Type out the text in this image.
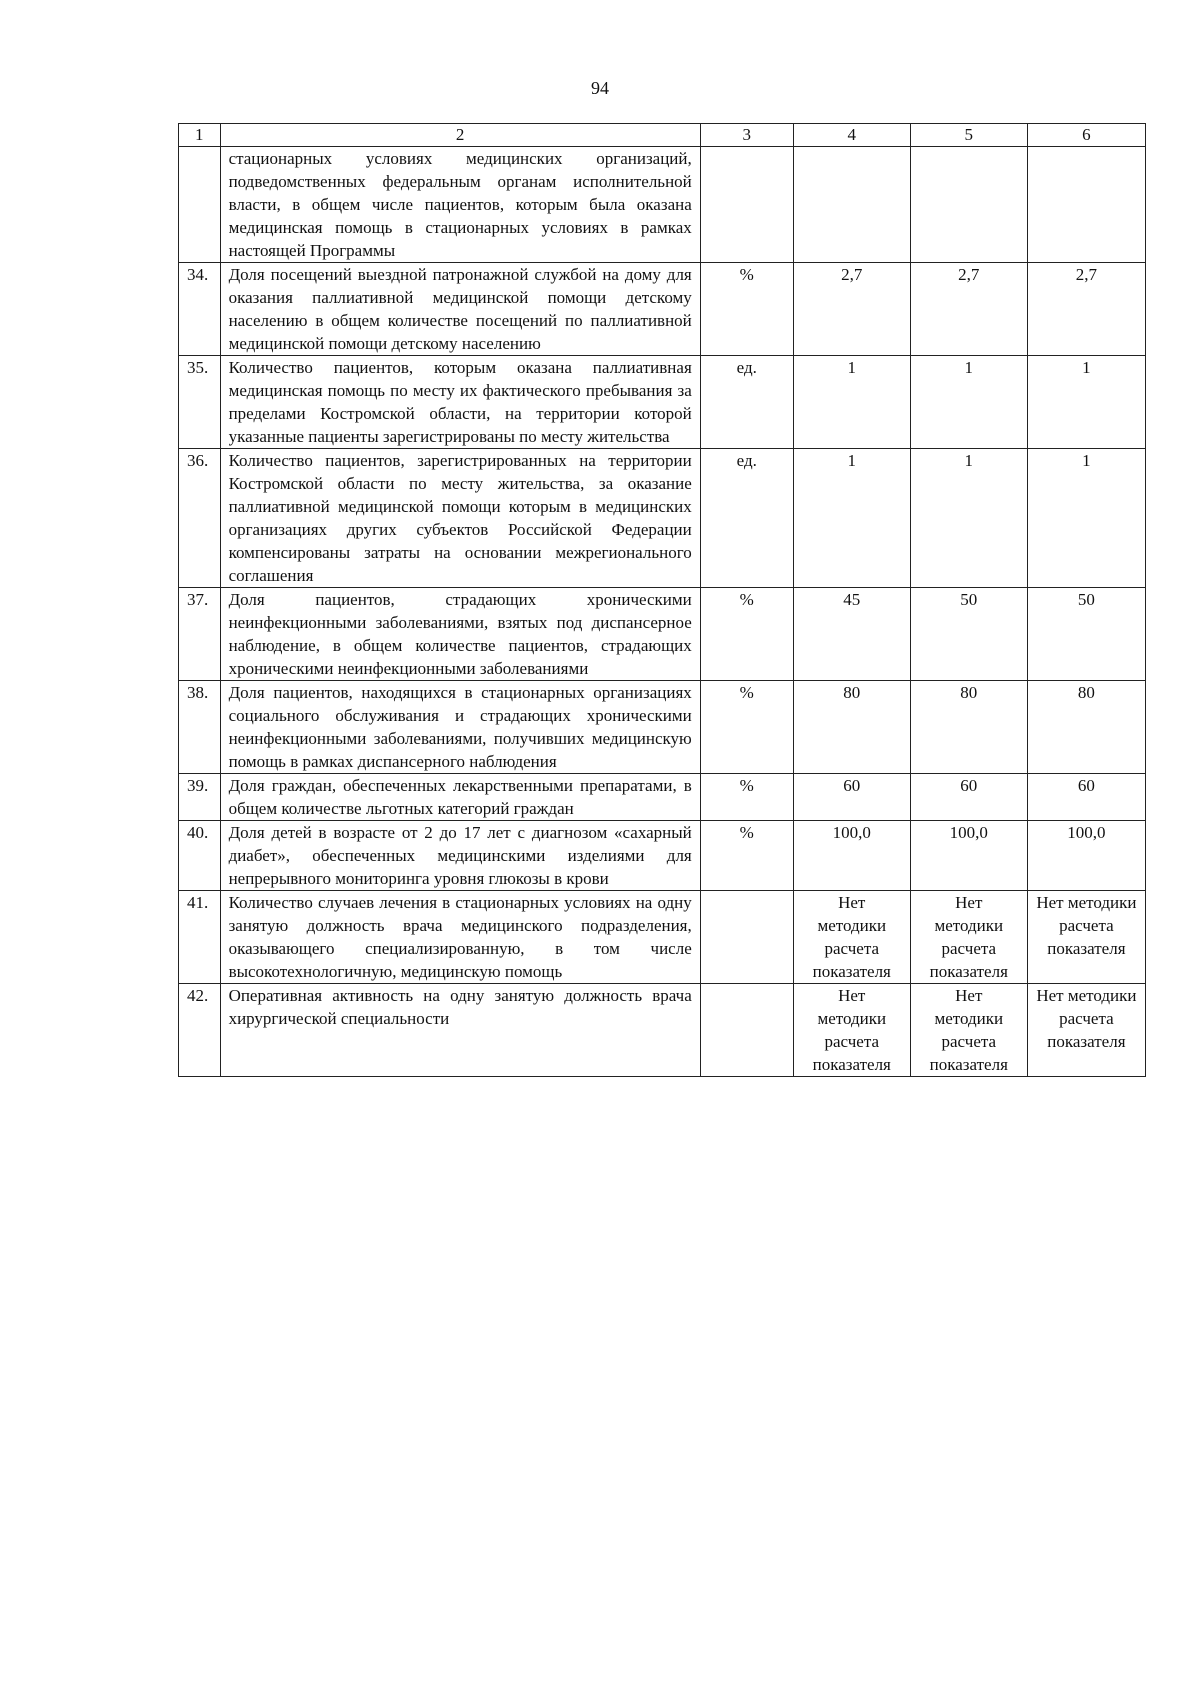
94
1	2	3	4	5	6
	стационарных условиях медицинских организаций, подведомственных федеральным органам исполнительной власти, в общем числе пациентов, которым была оказана медицинская помощь в стационарных условиях в рамках настоящей Программы				
34.	Доля посещений выездной патронажной службой на дому для оказания паллиативной медицинской помощи детскому населению в общем количестве посещений по паллиативной медицинской помощи детскому населению	%	2,7	2,7	2,7
35.	Количество пациентов, которым оказана паллиативная медицинская помощь по месту их фактического пребывания за пределами Костромской области, на территории которой указанные пациенты зарегистрированы по месту жительства	ед.	1	1	1
36.	Количество пациентов, зарегистрированных на территории Костромской области по месту жительства, за оказание паллиативной медицинской помощи которым в медицинских организациях других субъектов Российской Федерации компенсированы затраты на основании межрегионального соглашения	ед.	1	1	1
37.	Доля пациентов, страдающих хроническими неинфекционными заболеваниями, взятых под диспансерное наблюдение, в общем количестве пациентов, страдающих хроническими неинфекционными заболеваниями	%	45	50	50
38.	Доля пациентов, находящихся в стационарных организациях социального обслуживания и страдающих хроническими неинфекционными заболеваниями, получивших медицинскую помощь в рамках диспансерного наблюдения	%	80	80	80
39.	Доля граждан, обеспеченных лекарственными препаратами, в общем количестве льготных категорий граждан	%	60	60	60
40.	Доля детей в возрасте от 2 до 17 лет с диагнозом «сахарный диабет», обеспеченных медицинскими изделиями для непрерывного мониторинга уровня глюкозы в крови	%	100,0	100,0	100,0
41.	Количество случаев лечения в стационарных условиях на одну занятую должность врача медицинского подразделения, оказывающего специализированную, в том числе высокотехнологичную, медицинскую помощь		Нет методики расчета показателя	Нет методики расчета показателя	Нет методики расчета показателя
42.	Оперативная активность на одну занятую должность врача хирургической специальности		Нет методики расчета показателя	Нет методики расчета показателя	Нет методики расчета показателя
